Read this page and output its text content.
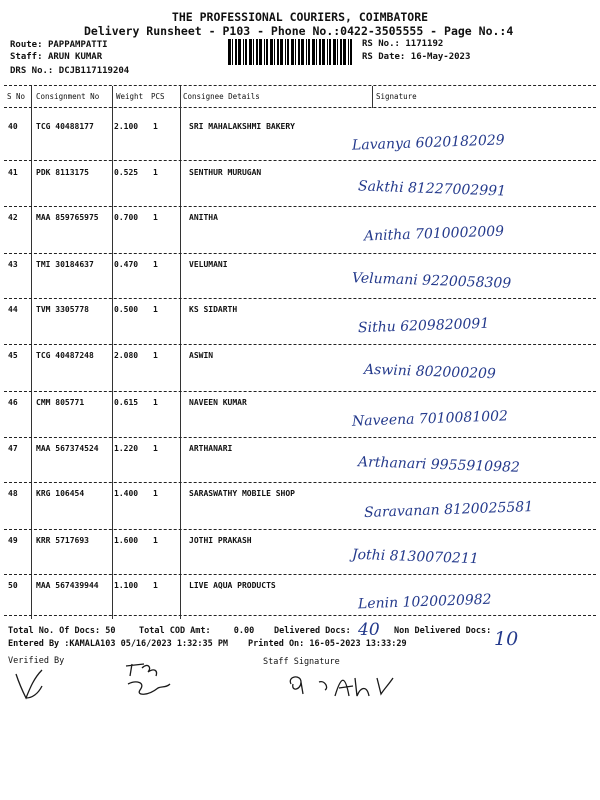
THE PROFESSIONAL COURIERS, COIMBATORE
Delivery Runsheet - P103 - Phone No.:0422-3505555 - Page No.:4
Route: PAPPAMPATTI
Staff: ARUN KUMAR
DRS No.: DCJB117119204
RS No.: 1171192
RS Date: 16-May-2023
S No Consignment No Weight PCS Consignee Details	Signature
40 TCG 40488177	2.100 1	SRI MAHALAKSHMI BAKERY
Lavanya 6020182029
41 PDK 8113175	0.525 1	SENTHUR MURUGAN
Sakthi 81227002991
42 MAA 859765975 0.700 1	ANITHA
Anitha 7010002009
43 TMI 30184637	0.470 1	VELUMANI
Velumani 9220058309
44 TVM 3305778	0.500 1	KS SIDARTH
Sithu 6209820091
45 TCG 40487248	2.080 1	ASWIN
Aswini 802000209
46 CMM 805771	0.615 1	NAVEEN KUMAR
Naveena 7010081002
47 MAA 567374524 1.220 1	ARTHANARI
Arthanari 9955910982
48 KRG 106454	1.400 1	SARASWATHY MOBILE SHOP
Saravanan 8120025581
49 KRR 5717693	1.600 1	JOTHI PRAKASH
Jothi 8130070211
50 MAA 567439944 1.100 1	LIVE AQUA PRODUCTS
Lenin 1020020982
Total No. Of Docs: 50	Total COD Amt:	0.00 Delivered Docs: 40 Non Delivered Docs: 10
Entered By :KAMALA103 05/16/2023 1:32:35 PM Printed On: 16-05-2023 13:33:29
Verified By	Staff Signature
